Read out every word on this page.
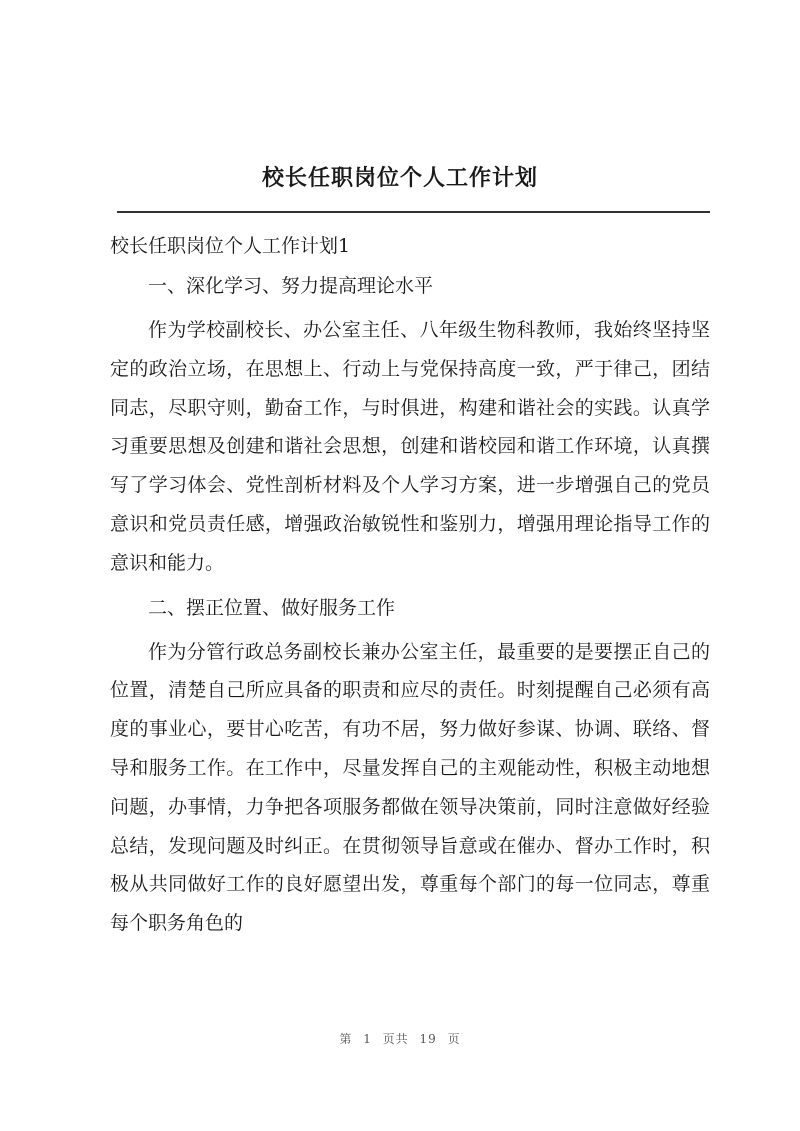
校长任职岗位个人工作计划
校长任职岗位个人工作计划1
一、深化学习、努力提高理论水平
作为学校副校长、办公室主任、八年级生物科教师，我始终坚持坚定的政治立场，在思想上、行动上与党保持高度一致，严于律己，团结同志，尽职守则，勤奋工作，与时俱进，构建和谐社会的实践。认真学习重要思想及创建和谐社会思想，创建和谐校园和谐工作环境，认真撰写了学习体会、党性剖析材料及个人学习方案，进一步增强自己的党员意识和党员责任感，增强政治敏锐性和鉴别力，增强用理论指导工作的意识和能力。
二、摆正位置、做好服务工作
作为分管行政总务副校长兼办公室主任，最重要的是要摆正自己的位置，清楚自己所应具备的职责和应尽的责任。时刻提醒自己必须有高度的事业心，要甘心吃苦，有功不居，努力做好参谋、协调、联络、督导和服务工作。在工作中，尽量发挥自己的主观能动性，积极主动地想问题，办事情，力争把各项服务都做在领导决策前，同时注意做好经验总结，发现问题及时纠正。在贯彻领导旨意或在催办、督办工作时，积极从共同做好工作的良好愿望出发，尊重每个部门的每一位同志，尊重每个职务角色的
第 1 页共 19 页
